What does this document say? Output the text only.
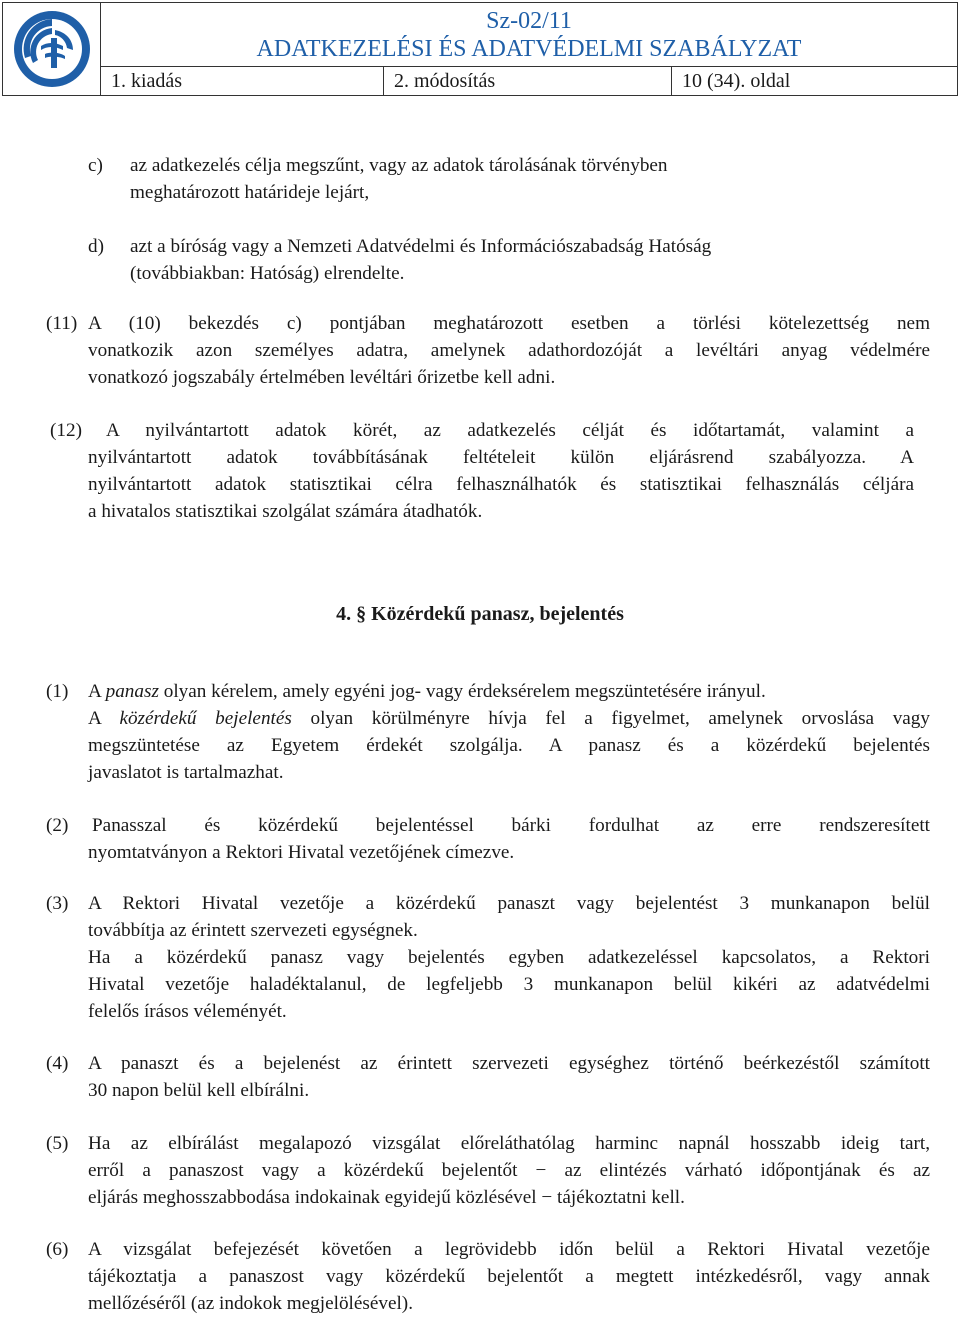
Sz-02/11
ADATKEZELÉSI ÉS ADATVÉDELMI SZABÁLYZAT
1. kiadás	2. módosítás	10 (34). oldal
c) az adatkezelés célja megszűnt, vagy az adatok tárolásának törvényben
meghatározott határideje lejárt,
d) azt a bíróság vagy a Nemzeti Adatvédelmi és Információszabadság Hatóság
(továbbiakban: Hatóság) elrendelte.
(11) A (10) bekezdés c) pontjában meghatározott esetben a törlési kötelezettség nem
vonatkozik azon személyes adatra, amelynek adathordozóját a levéltári anyag védelmére
vonatkozó jogszabály értelmében levéltári őrizetbe kell adni.
(12) A nyilvántartott adatok körét, az adatkezelés célját és időtartamát, valamint a
nyilvántartott adatok továbbításának feltételeit külön eljárásrend szabályozza. A
nyilvántartott adatok statisztikai célra felhasználhatók és statisztikai felhasználás céljára
a hivatalos statisztikai szolgálat számára átadhatók.
4. § Közérdekű panasz, bejelentés
(1) A panasz olyan kérelem, amely egyéni jog- vagy érdeksérelem megszüntetésére irányul.
A közérdekű bejelentés olyan körülményre hívja fel a figyelmet, amelynek orvoslása vagy
megszüntetése az Egyetem érdekét szolgálja. A panasz és a közérdekű bejelentés
javaslatot is tartalmazhat.
(2) Panasszal és közérdekű bejelentéssel bárki fordulhat az erre rendszeresített
nyomtatványon a Rektori Hivatal vezetőjének címezve.
(3) A Rektori Hivatal vezetője a közérdekű panaszt vagy bejelentést 3 munkanapon belül
továbbítja az érintett szervezeti egységnek.
Ha a közérdekű panasz vagy bejelentés egyben adatkezeléssel kapcsolatos, a Rektori
Hivatal vezetője haladéktalanul, de legfeljebb 3 munkanapon belül kikéri az adatvédelmi
felelős írásos véleményét.
(4) A panaszt és a bejelenést az érintett szervezeti egységhez történő beérkezéstől számított
30 napon belül kell elbírálni.
(5) Ha az elbírálást megalapozó vizsgálat előreláthatólag harminc napnál hosszabb ideig tart,
erről a panaszost vagy a közérdekű bejelentőt − az elintézés várható időpontjának és az
eljárás meghosszabbodása indokainak egyidejű közlésével − tájékoztatni kell.
(6) A vizsgálat befejezését követően a legrövidebb időn belül a Rektori Hivatal vezetője
tájékoztatja a panaszost vagy közérdekű bejelentőt a megtett intézkedésről, vagy annak
mellőzéséről (az indokok megjelölésével).
